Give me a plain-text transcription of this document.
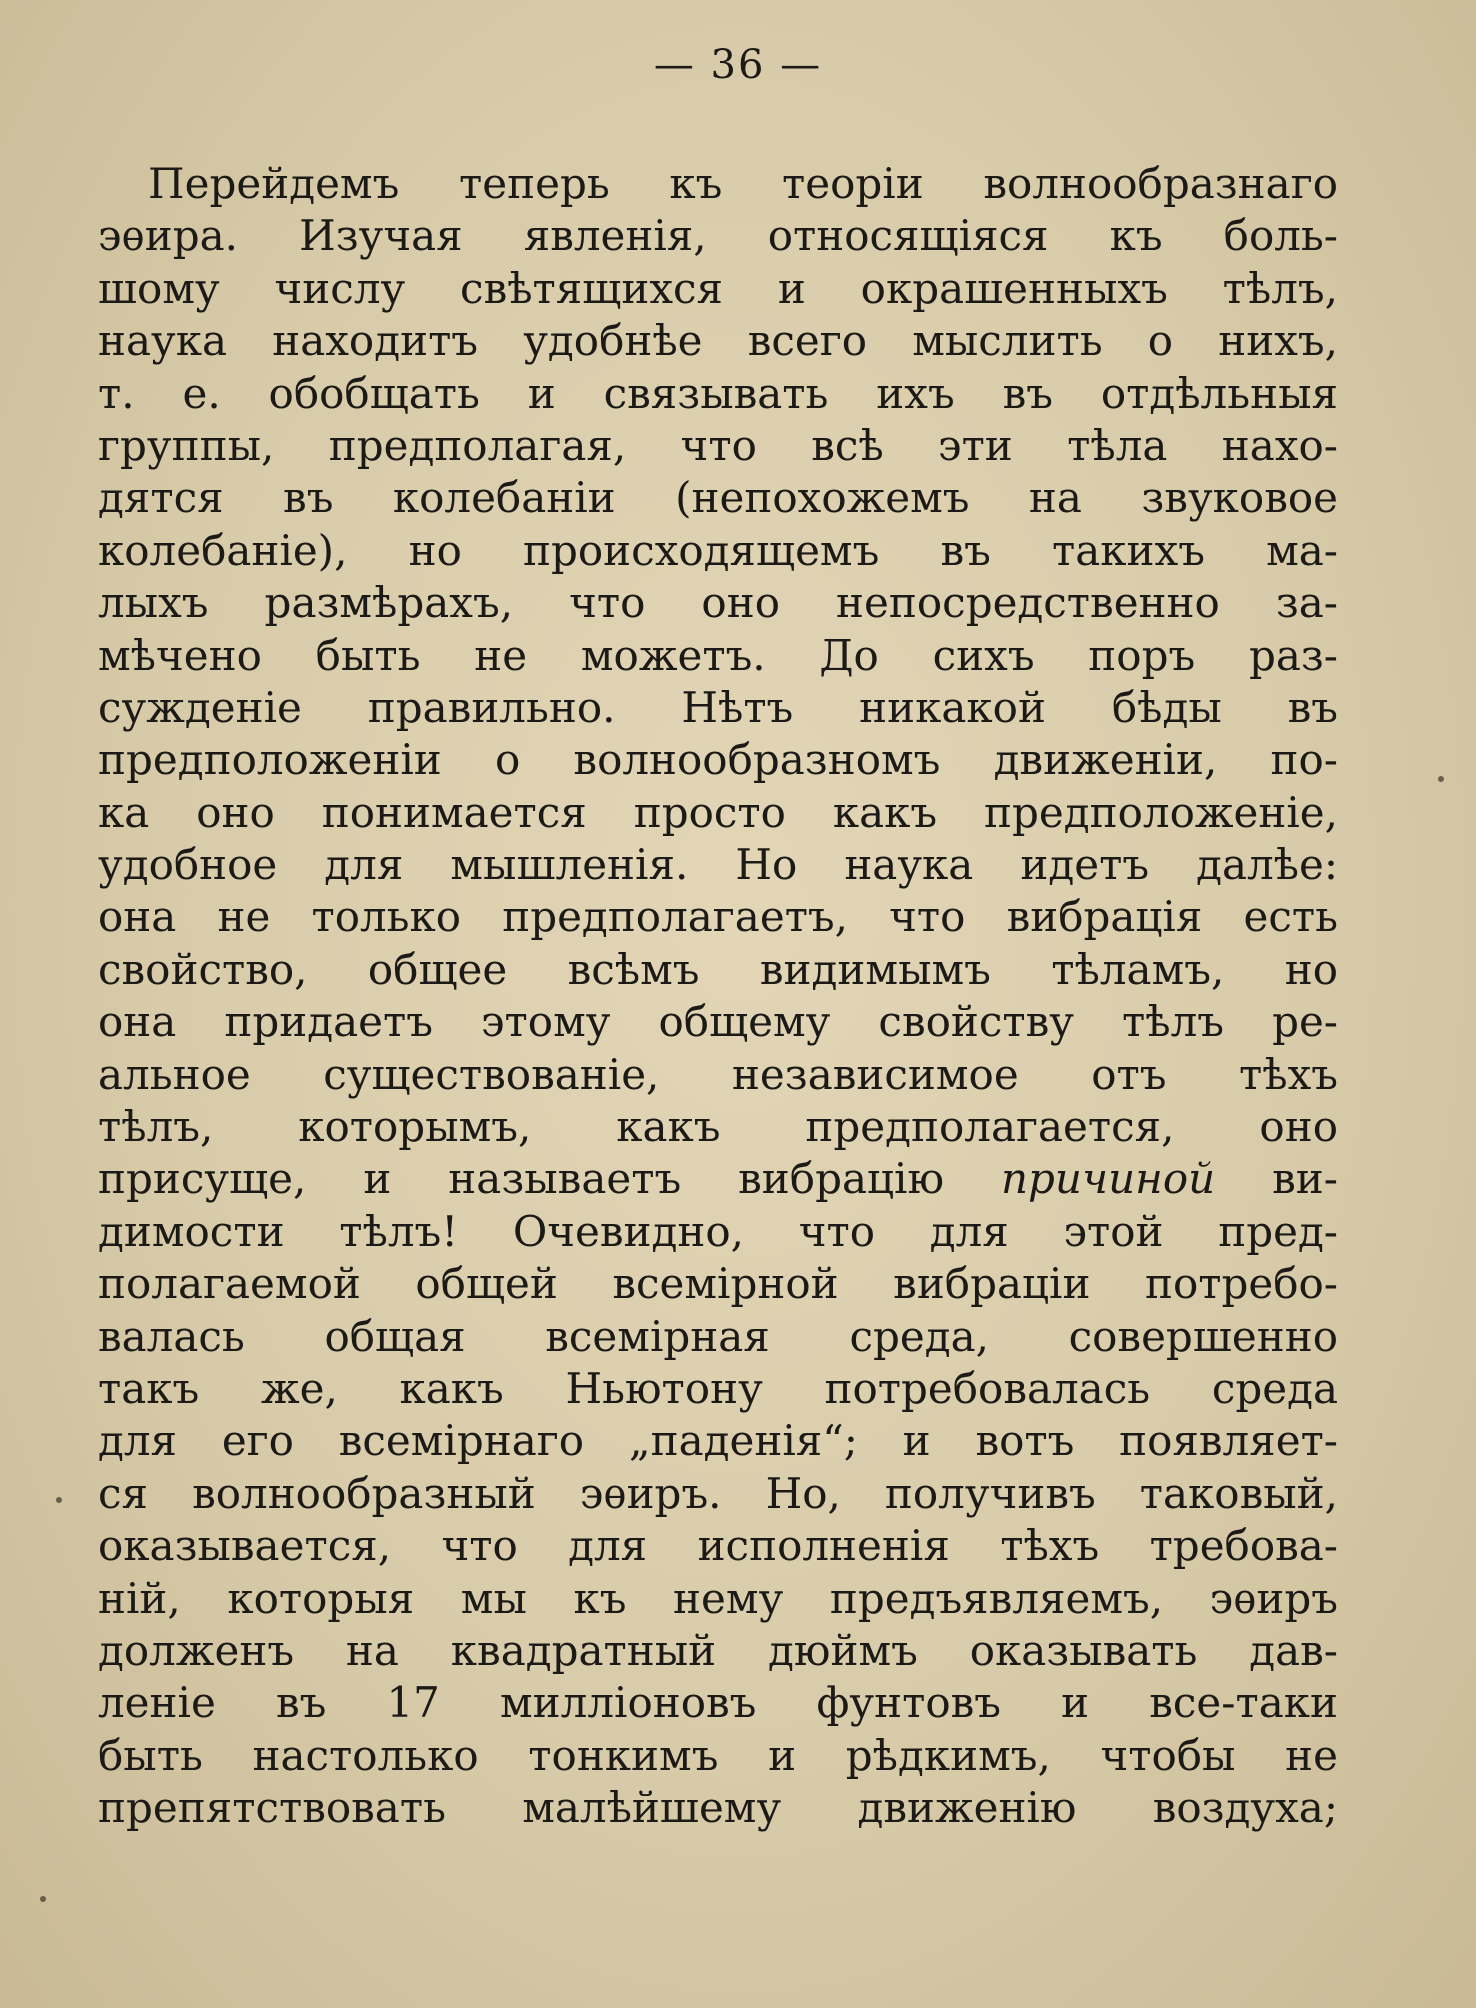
— 36 —
Перейдемъ теперь къ теоріи волнообразнаго
эѳира. Изучая явленія, относящіяся къ боль-
шому числу свѣтящихся и окрашенныхъ тѣлъ,
наука находитъ удобнѣе всего мыслить о нихъ,
т. е. обобщать и связывать ихъ въ отдѣльныя
группы, предполагая, что всѣ эти тѣла нахо-
дятся въ колебаніи (непохожемъ на звуковое
колебаніе), но происходящемъ въ такихъ ма-
лыхъ размѣрахъ, что оно непосредственно за-
мѣчено быть не можетъ. До сихъ поръ раз-
сужденіе правильно. Нѣтъ никакой бѣды въ
предположеніи о волнообразномъ движеніи, по-
ка оно понимается просто какъ предположеніе,
удобное для мышленія. Но наука идетъ далѣе:
она не только предполагаетъ, что вибрація есть
свойство, общее всѣмъ видимымъ тѣламъ, но
она придаетъ этому общему свойству тѣлъ ре-
альное существованіе, независимое отъ тѣхъ
тѣлъ, которымъ, какъ предполагается, оно
присуще, и называетъ вибрацію причиной ви-
димости тѣлъ! Очевидно, что для этой пред-
полагаемой общей всемірной вибраціи потребо-
валась общая всемірная среда, совершенно
такъ же, какъ Ньютону потребовалась среда
для его всемірнаго „паденія“; и вотъ появляет-
ся волнообразный эѳиръ. Но, получивъ таковый,
оказывается, что для исполненія тѣхъ требова-
ній, которыя мы къ нему предъявляемъ, эѳиръ
долженъ на квадратный дюймъ оказывать дав-
леніе въ 17 милліоновъ фунтовъ и все-таки
быть настолько тонкимъ и рѣдкимъ, чтобы не
препятствовать малѣйшему движенію воздуха;
